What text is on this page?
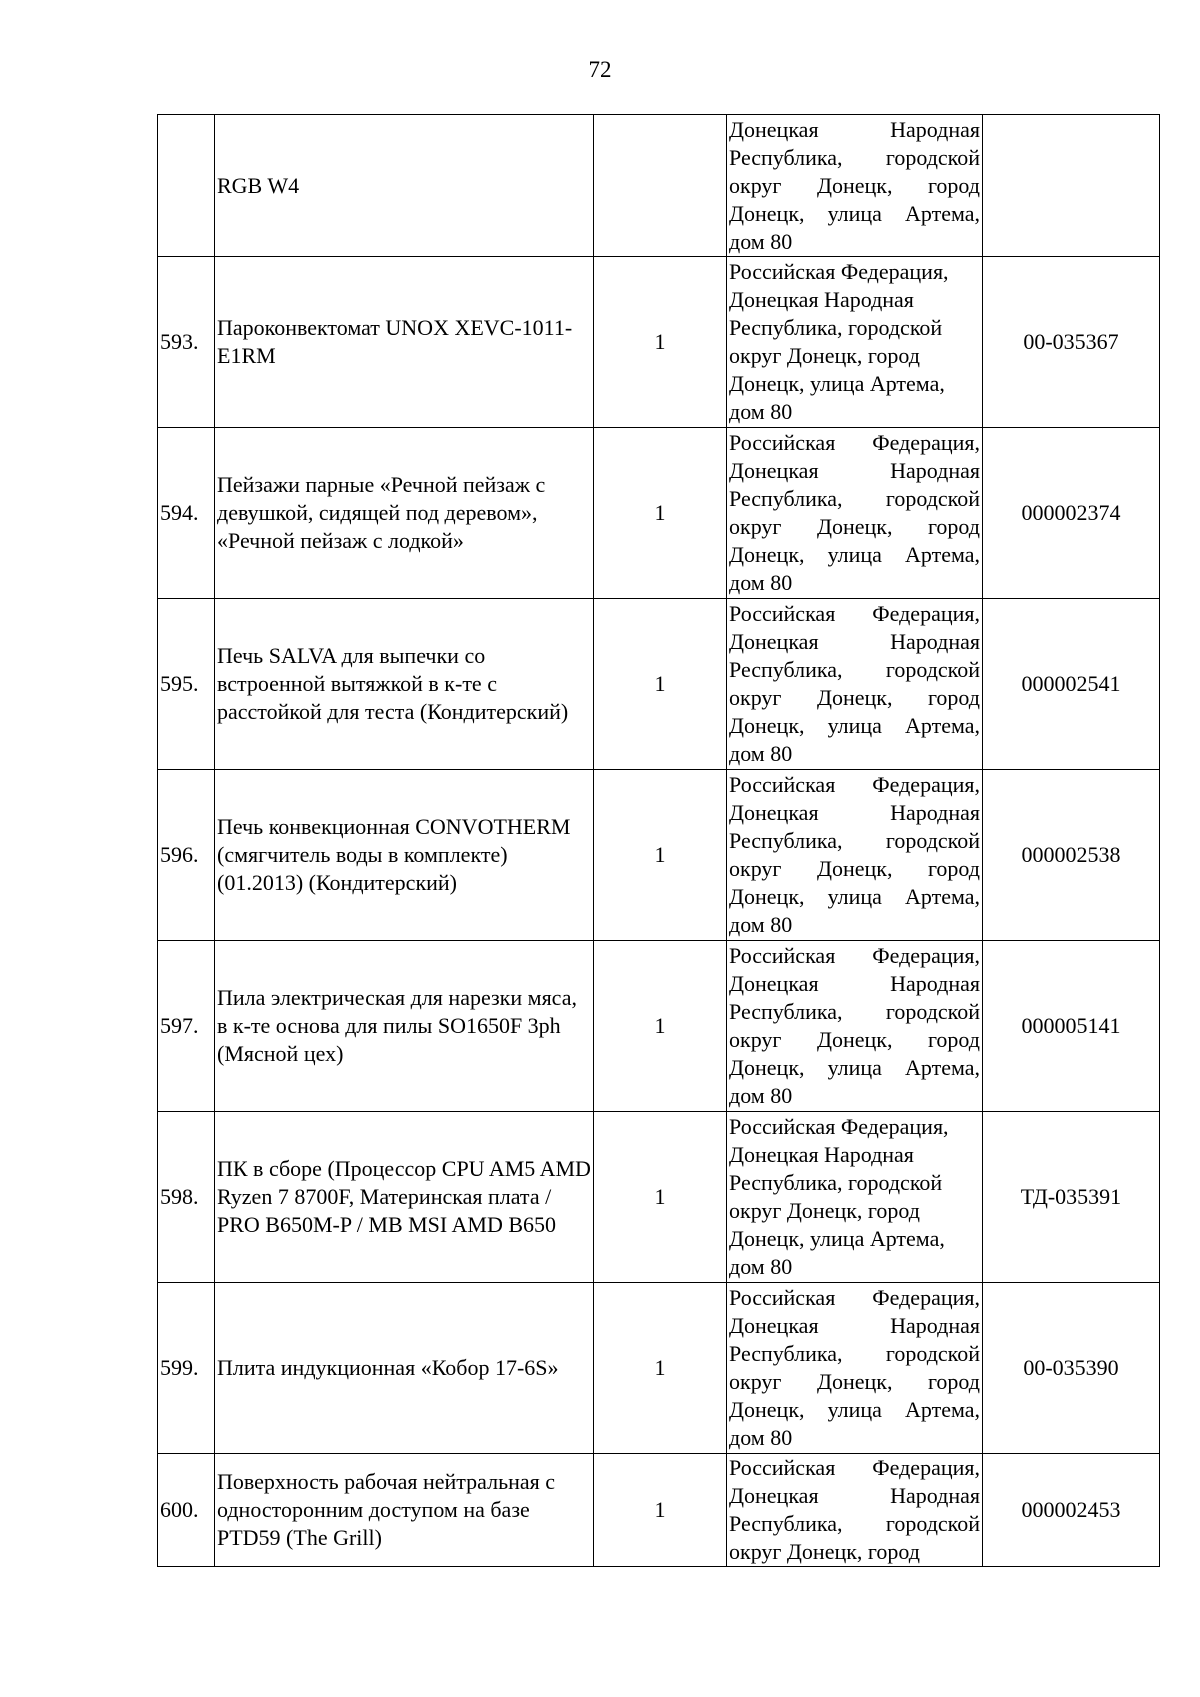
72
	RGB W4		Донецкая Народная Республика, городской округ Донецк, город Донецк, улица Артема, дом 80	
593.	Пароконвектомат UNOX XEVC-1011-E1RM	1	Российская Федерация, Донецкая Народная Республика, городской округ Донецк, город Донецк, улица Артема, дом 80	00-035367
594.	Пейзажи парные «Речной пейзаж с девушкой, сидящей под деревом», «Речной пейзаж с лодкой»	1	Российская Федерация, Донецкая Народная Республика, городской округ Донецк, город Донецк, улица Артема, дом 80	000002374
595.	Печь SALVA для выпечки со встроенной вытяжкой в к-те с расстойкой для теста (Кондитерский)	1	Российская Федерация, Донецкая Народная Республика, городской округ Донецк, город Донецк, улица Артема, дом 80	000002541
596.	Печь конвекционная CONVOTHERM (смягчитель воды в комплекте) (01.2013) (Кондитерский)	1	Российская Федерация, Донецкая Народная Республика, городской округ Донецк, город Донецк, улица Артема, дом 80	000002538
597.	Пила электрическая для нарезки мяса, в к-те основа для пилы SO1650F 3ph (Мясной цех)	1	Российская Федерация, Донецкая Народная Республика, городской округ Донецк, город Донецк, улица Артема, дом 80	000005141
598.	ПК в сборе (Процессор CPU AM5 AMD Ryzen 7 8700F, Материнская плата / PRO B650M-P / MB MSI AMD B650	1	Российская Федерация, Донецкая Народная Республика, городской округ Донецк, город Донецк, улица Артема, дом 80	ТД-035391
599.	Плита индукционная «Кобор 17-6S»	1	Российская Федерация, Донецкая Народная Республика, городской округ Донецк, город Донецк, улица Артема, дом 80	00-035390
600.	Поверхность рабочая нейтральная с односторонним доступом на базе PTD59 (The Grill)	1	Российская Федерация, Донецкая Народная Республика, городской округ Донецк, город	000002453
